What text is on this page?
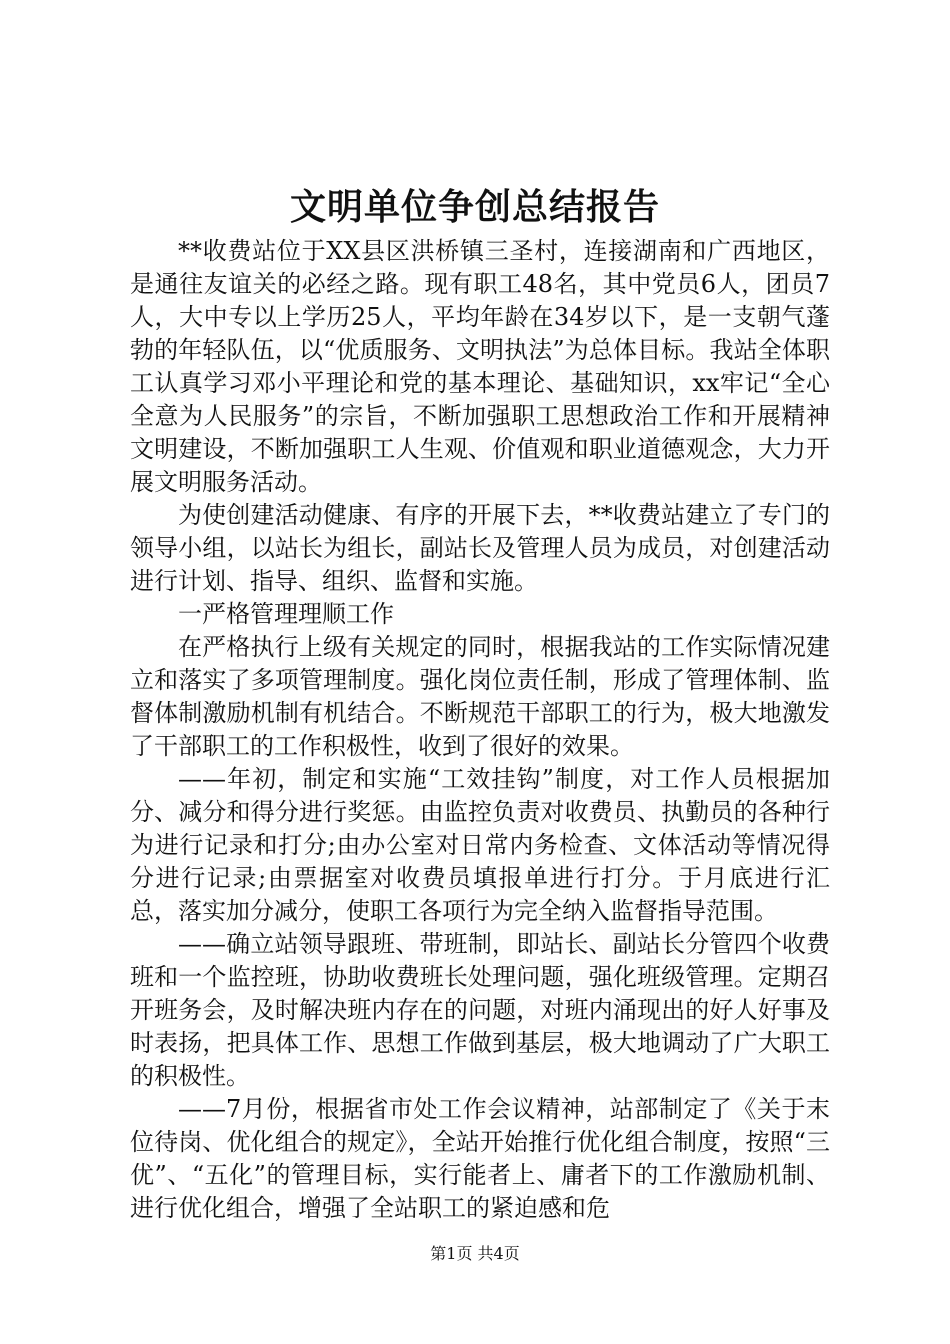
文明单位争创总结报告

**收费站位于XX县区洪桥镇三圣村，连接湖南和广西地区，是通往友谊关的必经之路。现有职工48名，其中党员6人，团员7人，大中专以上学历25人，平均年龄在34岁以下，是一支朝气蓬勃的年轻队伍，以“优质服务、文明执法”为总体目标。我站全体职工认真学习邓小平理论和党的基本理论、基础知识，xx牢记“全心全意为人民服务”的宗旨，不断加强职工思想政治工作和开展精神文明建设，不断加强职工人生观、价值观和职业道德观念，大力开展文明服务活动。

为使创建活动健康、有序的开展下去，**收费站建立了专门的领导小组，以站长为组长，副站长及管理人员为成员，对创建活动进行计划、指导、组织、监督和实施。

一严格管理理顺工作

在严格执行上级有关规定的同时，根据我站的工作实际情况建立和落实了多项管理制度。强化岗位责任制，形成了管理体制、监督体制激励机制有机结合。不断规范干部职工的行为，极大地激发了干部职工的工作积极性，收到了很好的效果。

——年初，制定和实施“工效挂钩”制度，对工作人员根据加分、减分和得分进行奖惩。由监控负责对收费员、执勤员的各种行为进行记录和打分;由办公室对日常内务检查、文体活动等情况得分进行记录;由票据室对收费员填报单进行打分。于月底进行汇总，落实加分减分，使职工各项行为完全纳入监督指导范围。

——确立站领导跟班、带班制，即站长、副站长分管四个收费班和一个监控班，协助收费班长处理问题，强化班级管理。定期召开班务会，及时解决班内存在的问题，对班内涌现出的好人好事及时表扬，把具体工作、思想工作做到基层，极大地调动了广大职工的积极性。

——7月份，根据省市处工作会议精神，站部制定了《关于末位待岗、优化组合的规定》，全站开始推行优化组合制度，按照“三优”、“五化”的管理目标，实行能者上、庸者下的工作激励机制、进行优化组合，增强了全站职工的紧迫感和危

第1页 共4页
